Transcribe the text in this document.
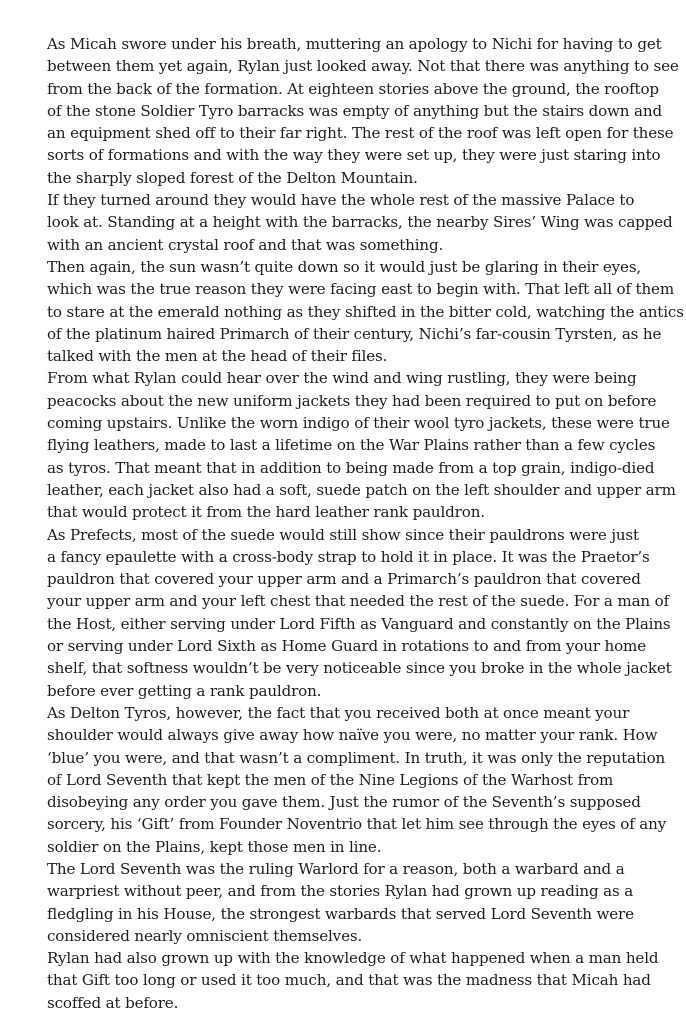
As Micah swore under his breath, muttering an apology to Nichi for having to get
between them yet again, Rylan just looked away. Not that there was anything to see
from the back of the formation. At eighteen stories above the ground, the rooftop
of the stone Soldier Tyro barracks was empty of anything but the stairs down and
an equipment shed off to their far right. The rest of the roof was left open for these
sorts of formations and with the way they were set up, they were just staring into
the sharply sloped forest of the Delton Mountain.

If they turned around they would have the whole rest of the massive Palace to
look at. Standing at a height with the barracks, the nearby Sires’ Wing was capped
with an ancient crystal roof and that was something.

Then again, the sun wasn’t quite down so it would just be glaring in their eyes,
which was the true reason they were facing east to begin with. That left all of them
to stare at the emerald nothing as they shifted in the bitter cold, watching the antics
of the platinum haired Primarch of their century, Nichi’s far-cousin Tyrsten, as he
talked with the men at the head of their files.

From what Rylan could hear over the wind and wing rustling, they were being
peacocks about the new uniform jackets they had been required to put on before
coming upstairs. Unlike the worn indigo of their wool tyro jackets, these were true
flying leathers, made to last a lifetime on the War Plains rather than a few cycles
as tyros. That meant that in addition to being made from a top grain, indigo-died
leather, each jacket also had a soft, suede patch on the left shoulder and upper arm
that would protect it from the hard leather rank pauldron.

As Prefects, most of the suede would still show since their pauldrons were just
a fancy epaulette with a cross-body strap to hold it in place. It was the Praetor’s
pauldron that covered your upper arm and a Primarch’s pauldron that covered
your upper arm and your left chest that needed the rest of the suede. For a man of
the Host, either serving under Lord Fifth as Vanguard and constantly on the Plains
or serving under Lord Sixth as Home Guard in rotations to and from your home
shelf, that softness wouldn’t be very noticeable since you broke in the whole jacket
before ever getting a rank pauldron.

As Delton Tyros, however, the fact that you received both at once meant your
shoulder would always give away how naïve you were, no matter your rank. How
‘blue’ you were, and that wasn’t a compliment. In truth, it was only the reputation
of Lord Seventh that kept the men of the Nine Legions of the Warhost from
disobeying any order you gave them. Just the rumor of the Seventh’s supposed
sorcery, his ‘Gift’ from Founder Noventrio that let him see through the eyes of any
soldier on the Plains, kept those men in line.

The Lord Seventh was the ruling Warlord for a reason, both a warbard and a
warpriest without peer, and from the stories Rylan had grown up reading as a
fledgling in his House, the strongest warbards that served Lord Seventh were
considered nearly omniscient themselves.

Rylan had also grown up with the knowledge of what happened when a man held
that Gift too long or used it too much, and that was the madness that Micah had
scoffed at before.
